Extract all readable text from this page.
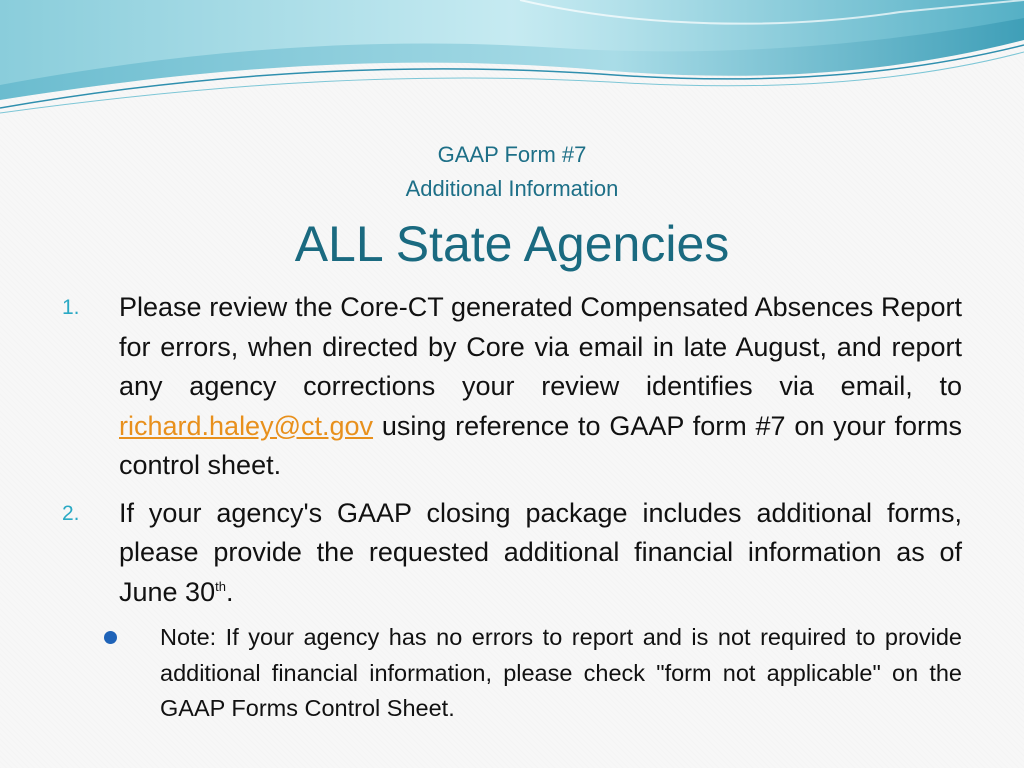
GAAP Form #7
Additional Information
ALL State Agencies
1. Please review the Core-CT generated Compensated Absences Report for errors, when directed by Core via email in late August, and report any agency corrections your review identifies via email, to richard.haley@ct.gov using reference to GAAP form #7 on your forms control sheet.
2. If your agency's GAAP closing package includes additional forms, please provide the requested additional financial information as of June 30th.
Note: If your agency has no errors to report and is not required to provide additional financial information, please check "form not applicable" on the GAAP Forms Control Sheet.
